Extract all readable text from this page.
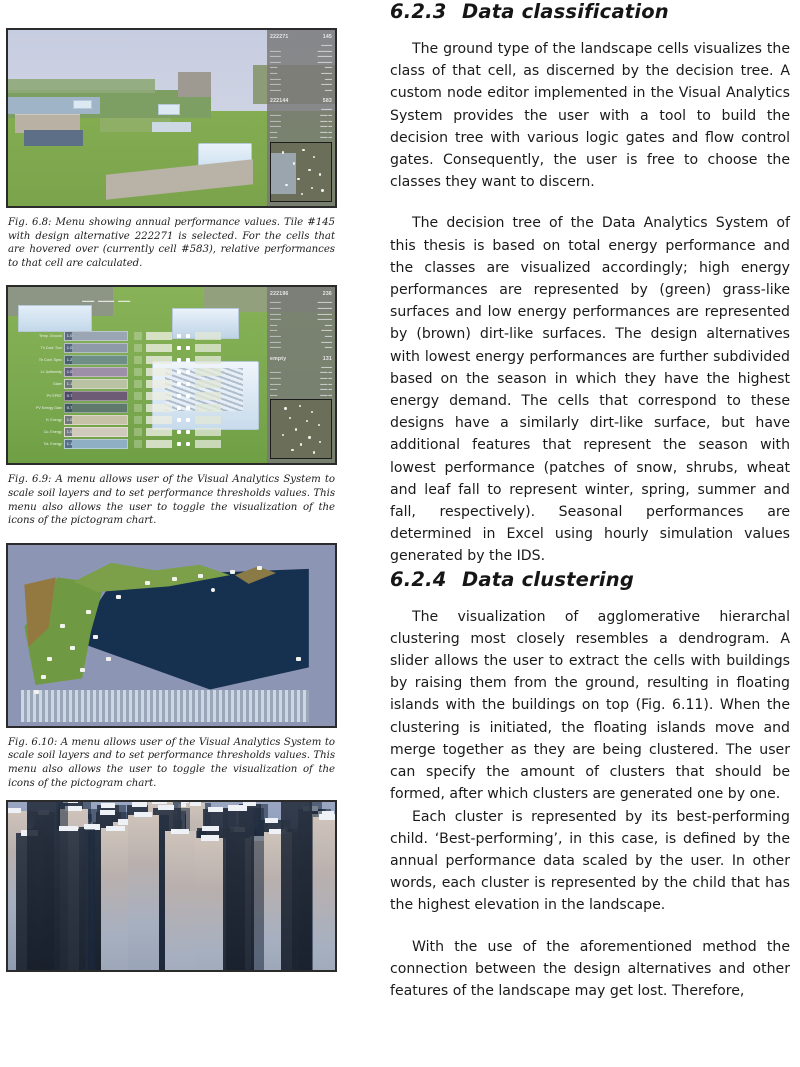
222271	145

▬▬▬
▬▬▬	▬▬▬▬
▬▬▬	▬▬▬▬
▬▬▬	▬▬▬▬
▬▬	▬▬
▬▬	▬▬▬
▬▬▬	▬▬
▬▬▬	▬▬▬
▬▬▬	▬▬
222144	583
▬▬▬
▬▬▬	▬▬ ▬
▬▬▬	▬▬ ▬
▬▬▬	▬▬ ▬
▬▬	▬▬ ▬
▬▬	▬▬ ▬
Fig. 6.8: Menu showing annual performance values. Tile #145 with design alternative 222271 is selected. For the cells that are hovered over (currently cell #583), relative performances to that cell are calculated.
▬▬▬ ▬▬▬▬ ▬▬▬
Temp. Ground	1.0
Th Conf. Sun	1.0
Th Conf. Spec	1.2
Lt. Uniformity	1.0
Glare	1.1
PV EPBT	0.7
PV Energy Gain	0.7
H. Energy	1.0
Co. Energy	1.0
Tot. Energy	1.1
222196	236
▬▬▬	▬▬▬▬
▬▬▬	▬▬▬▬
▬▬▬	▬▬▬▬
▬▬▬	▬▬▬▬
▬▬	▬▬
▬▬	▬▬▬
▬▬▬	▬▬
▬▬▬	▬▬▬
▬▬▬	▬▬
empty	131
▬▬▬
▬▬▬	▬▬ ▬
▬▬▬	▬▬ ▬
▬▬▬	▬▬ ▬
▬▬	▬▬ ▬
▬▬	▬▬ ▬
Fig. 6.9: A menu allows user of the Visual Analytics System to scale soil layers and to set performance thresholds values. This menu also allows the user to toggle the visualization of the icons of the pictogram chart.
Fig. 6.10: A menu allows user of the Visual Analytics System to scale soil layers and to set performance thresholds values. This menu also allows the user to toggle the visualization of the icons of the pictogram chart.
6.2.3 Data classification

The ground type of the landscape cells visualizes the class of that cell, as discerned by the decision tree. A custom node editor implemented in the Visual Analytics System provides the user with a tool to build the decision tree with various logic gates and flow control gates. Consequently, the user is free to choose the classes they want to discern.

The decision tree of the Data Analytics System of this thesis is based on total energy performance and the classes are visualized accordingly; high energy performances are represented by (green) grass-like surfaces and low energy performances are represented by (brown) dirt-like surfaces. The design alternatives with lowest energy performances are further subdivided based on the season in which they have the highest energy demand. The cells that correspond to these designs have a similarly dirt-like surface, but have additional features that represent the season with lowest performance (patches of snow, shrubs, wheat and leaf fall to represent winter, spring, summer and fall, respectively). Seasonal performances are determined in Excel using hourly simulation values generated by the IDS.

6.2.4 Data clustering

The visualization of agglomerative hierarchal clustering most closely resembles a dendrogram. A slider allows the user to extract the cells with buildings by raising them from the ground, resulting in floating islands with the buildings on top (Fig. 6.11). When the clustering is initiated, the floating islands move and merge together as they are being clustered. The user can specify the amount of clusters that should be formed, after which clusters are generated one by one.

Each cluster is represented by its best-performing child. ‘Best-performing’, in this case, is defined by the annual performance data scaled by the user. In other words, each cluster is represented by the child that has the highest elevation in the landscape.

With the use of the aforementioned method the connection between the design alternatives and other features of the landscape may get lost. Therefore,
